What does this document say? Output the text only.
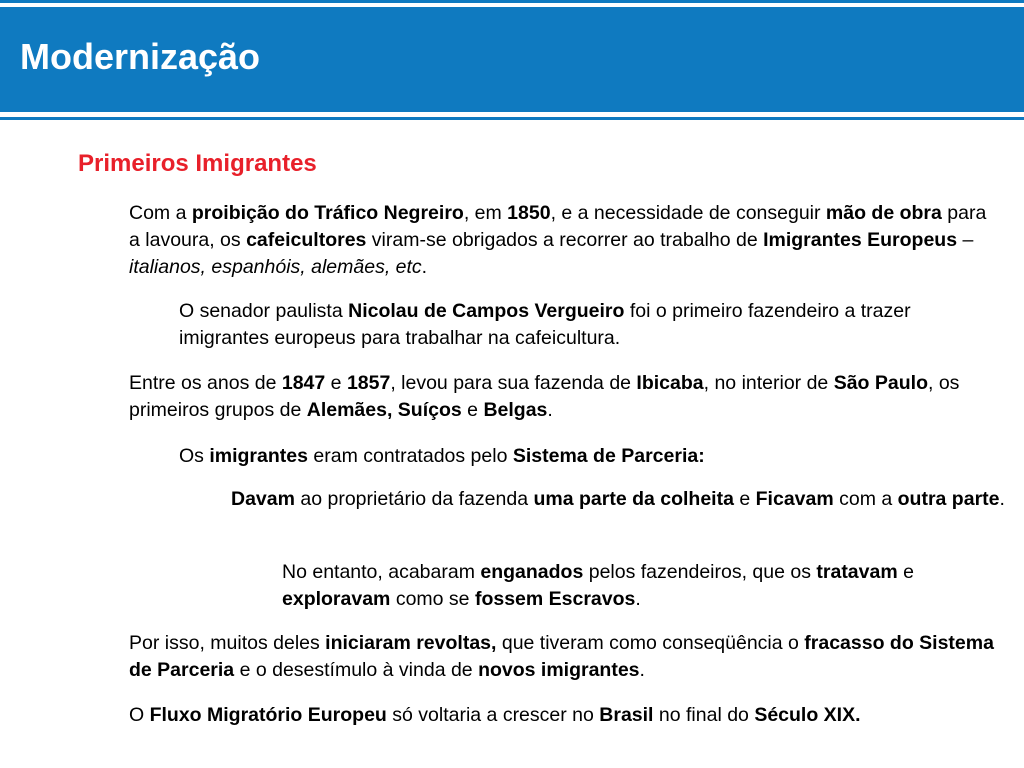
Modernização
Primeiros Imigrantes

Com a proibição do Tráfico Negreiro, em 1850, e a necessidade de conseguir mão de obra para a lavoura, os cafeicultores viram-se obrigados a recorrer ao trabalho de Imigrantes Europeus – italianos, espanhóis, alemães, etc.

O senador paulista Nicolau de Campos Vergueiro foi o primeiro fazendeiro a trazer imigrantes europeus para trabalhar na cafeicultura.

Entre os anos de 1847 e 1857, levou para sua fazenda de Ibicaba, no interior de São Paulo, os primeiros grupos de Alemães, Suíços e Belgas.

Os imigrantes eram contratados pelo Sistema de Parceria:

Davam ao proprietário da fazenda uma parte da colheita e Ficavam com a outra parte.

No entanto, acabaram enganados pelos fazendeiros, que os tratavam e exploravam como se fossem Escravos.

Por isso, muitos deles iniciaram revoltas, que tiveram como conseqüência o fracasso do Sistema de Parceria e o desestímulo à vinda de novos imigrantes.

O Fluxo Migratório Europeu só voltaria a crescer no Brasil no final do Século XIX.
